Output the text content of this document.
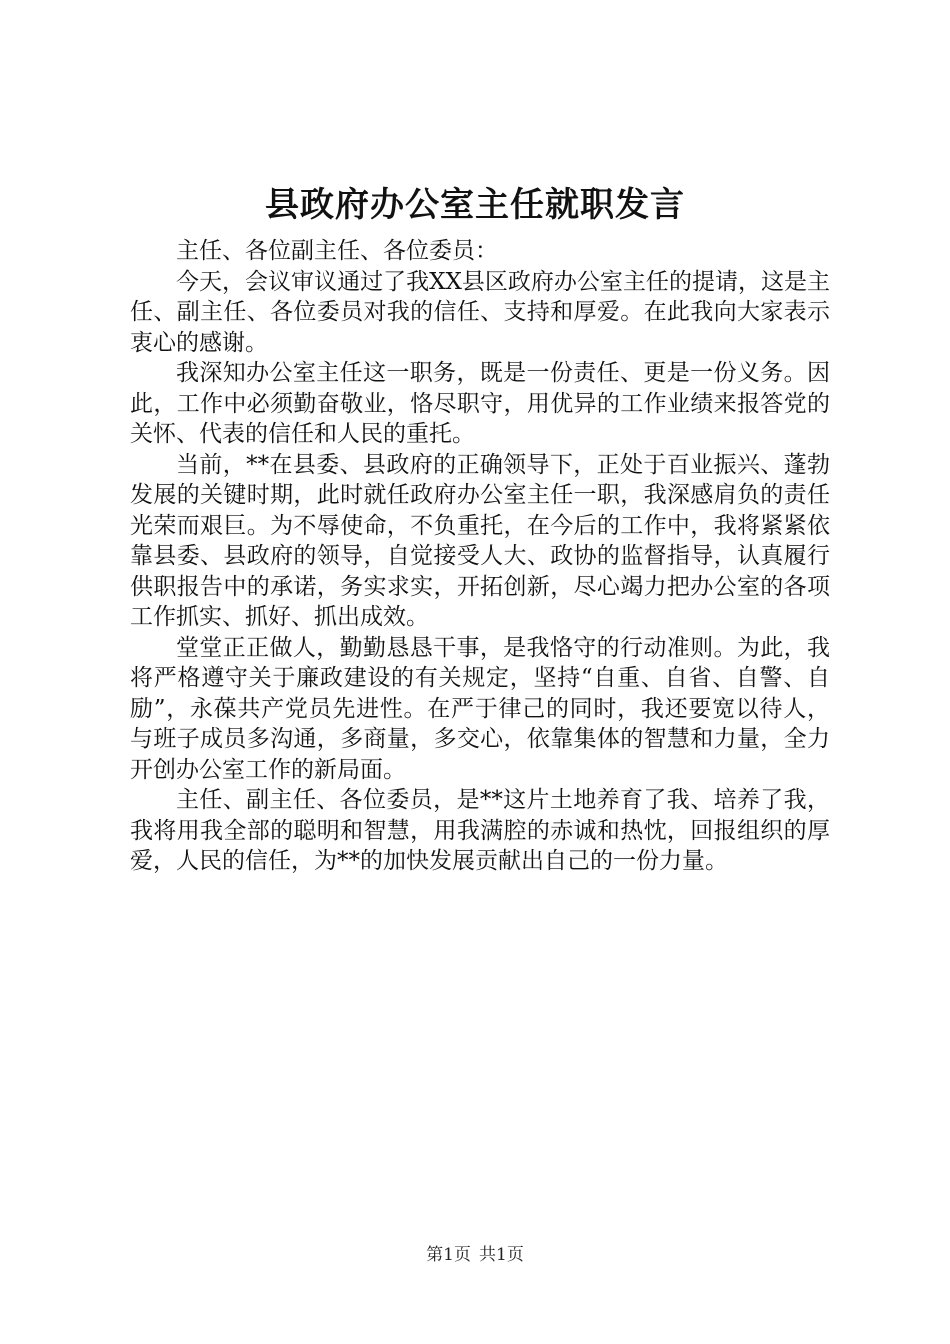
县政府办公室主任就职发言

主任、各位副主任、各位委员：

今天，会议审议通过了我XX县区政府办公室主任的提请，这是主任、副主任、各位委员对我的信任、支持和厚爱。在此我向大家表示衷心的感谢。

我深知办公室主任这一职务，既是一份责任、更是一份义务。因此，工作中必须勤奋敬业，恪尽职守，用优异的工作业绩来报答党的关怀、代表的信任和人民的重托。

当前，**在县委、县政府的正确领导下，正处于百业振兴、蓬勃发展的关键时期，此时就任政府办公室主任一职，我深感肩负的责任光荣而艰巨。为不辱使命，不负重托，在今后的工作中，我将紧紧依靠县委、县政府的领导，自觉接受人大、政协的监督指导，认真履行供职报告中的承诺，务实求实，开拓创新，尽心竭力把办公室的各项工作抓实、抓好、抓出成效。

堂堂正正做人，勤勤恳恳干事，是我恪守的行动准则。为此，我将严格遵守关于廉政建设的有关规定，坚持“自重、自省、自警、自励”，永葆共产党员先进性。在严于律己的同时，我还要宽以待人，与班子成员多沟通，多商量，多交心，依靠集体的智慧和力量，全力开创办公室工作的新局面。

主任、副主任、各位委员，是**这片土地养育了我、培养了我，我将用我全部的聪明和智慧，用我满腔的赤诚和热忱，回报组织的厚爱，人民的信任，为**的加快发展贡献出自己的一份力量。

第1页 共1页
